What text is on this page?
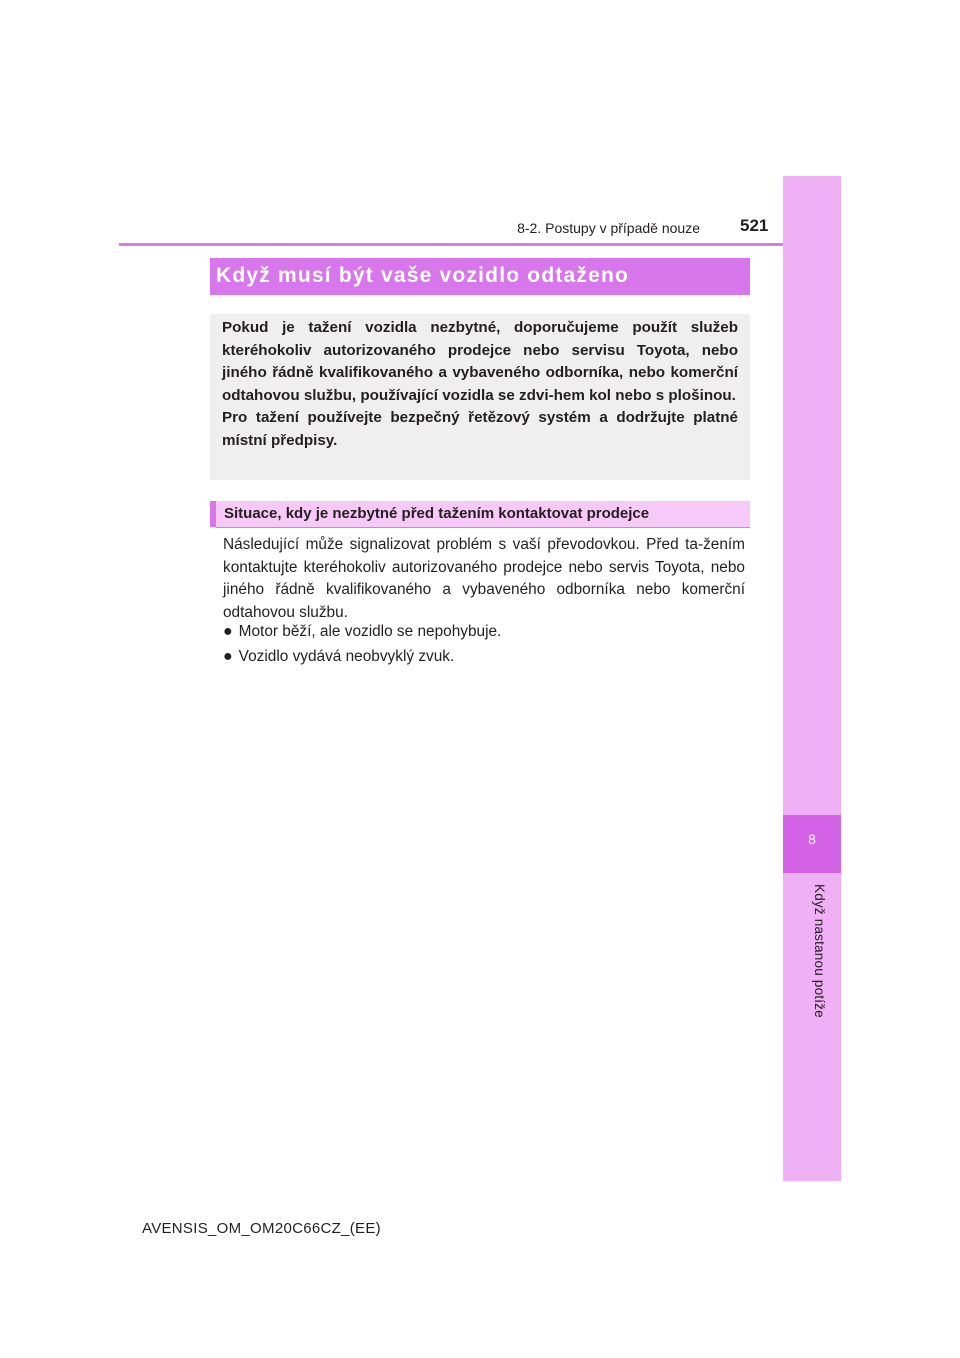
8
Když nastanou potíže
8-2. Postupy v případě nouze 521
Když musí být vaše vozidlo odtaženo

Pokud je tažení vozidla nezbytné, doporučujeme použít služeb kteréhokoliv autorizovaného prodejce nebo servisu Toyota, nebo jiného řádně kvalifikovaného a vybaveného odborníka, nebo komerční odtahovou službu, používající vozidla se zdvi-hem kol nebo s plošinou.

Pro tažení používejte bezpečný řetězový systém a dodržujte platné místní předpisy.

Situace, kdy je nezbytné před tažením kontaktovat prodejce
Následující může signalizovat problém s vaší převodovkou. Před ta-žením kontaktujte kteréhokoliv autorizovaného prodejce nebo servis Toyota, nebo jiného řádně kvalifikovaného a vybaveného odborníka nebo komerční odtahovou službu.
● Motor běží, ale vozidlo se nepohybuje.
● Vozidlo vydává neobvyklý zvuk.
AVENSIS_OM_OM20C66CZ_(EE)
